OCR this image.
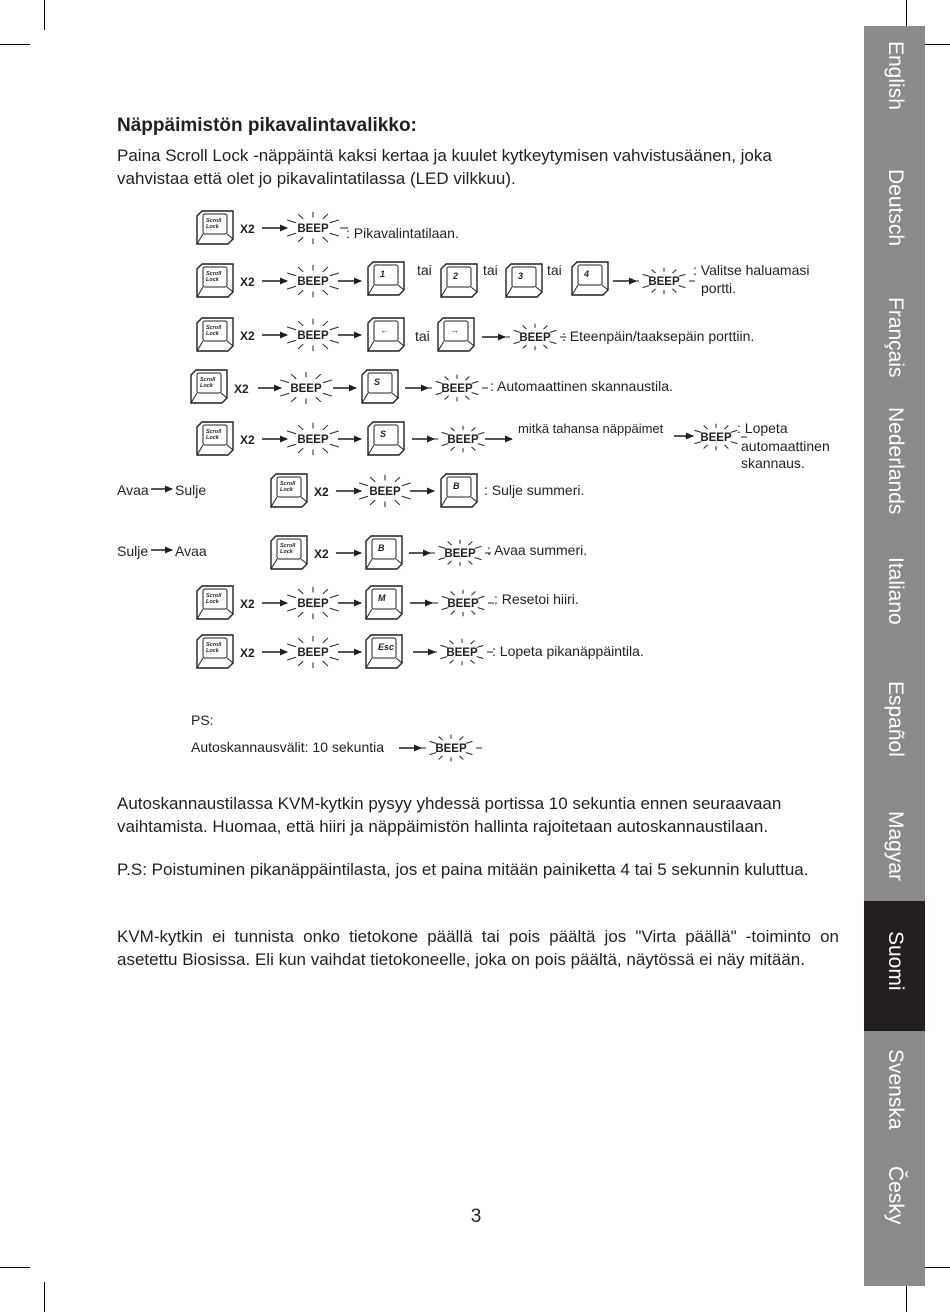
Näppäimistön pikavalintavalikko:

Paina Scroll Lock -näppäintä kaksi kertaa ja kuulet kytkeytymisen vahvistusäänen, joka vahvistaa että olet jo pikavalintatilassa (LED vilkkuu).

Scroll
Lock X2	BEEP
Scroll
Lock X2	BEEP
1	2	3	4
BEEP
Scroll
Lock X2	BEEP	←	→
BEEP
Scroll
Lock X2	BEEP
S
BEEP
Scroll
Lock X2	BEEP	S	BEEP	BEEP
Scroll
Lock X2	BEEP	B
Scroll
Lock X2	B	BEEP
Scroll
Lock X2	BEEP	M	BEEP
Scroll
Lock X2	BEEP	Esc	BEEP
BEEP
: Pikavalintatilaan.
tai	tai	tai	: Valitse haluamasi
portti.
tai	: Eteenpäin/taaksepäin porttiin.
: Automaattinen skannaustila.
mitkä tahansa näppäimet	: Lopeta
automaattinen
skannaus.
Avaa Sulje	: Sulje summeri.
Sulje Avaa	: Avaa summeri.
: Resetoi hiiri.
: Lopeta pikanäppäintila.
PS:
Autoskannausvälit: 10 sekuntia

Autoskannaustilassa KVM-kytkin pysyy yhdessä portissa 10 sekuntia ennen seuraavaan vaihtamista. Huomaa, että hiiri ja näppäimistön hallinta rajoitetaan autoskannaustilaan.

P.S: Poistuminen pikanäppäintilasta, jos et paina mitään painiketta 4 tai 5 sekunnin kuluttua.

KVM-kytkin ei tunnista onko tietokone päällä tai pois päältä jos "Virta päällä" -toiminto on asetettu Biosissa. Eli kun vaihdat tietokoneelle, joka on pois päältä, näytössä ei näy mitään.

English
Deutsch
Français
Nederlands
Italiano
Español
Magyar
Suomi
Svenska
Česky
3
